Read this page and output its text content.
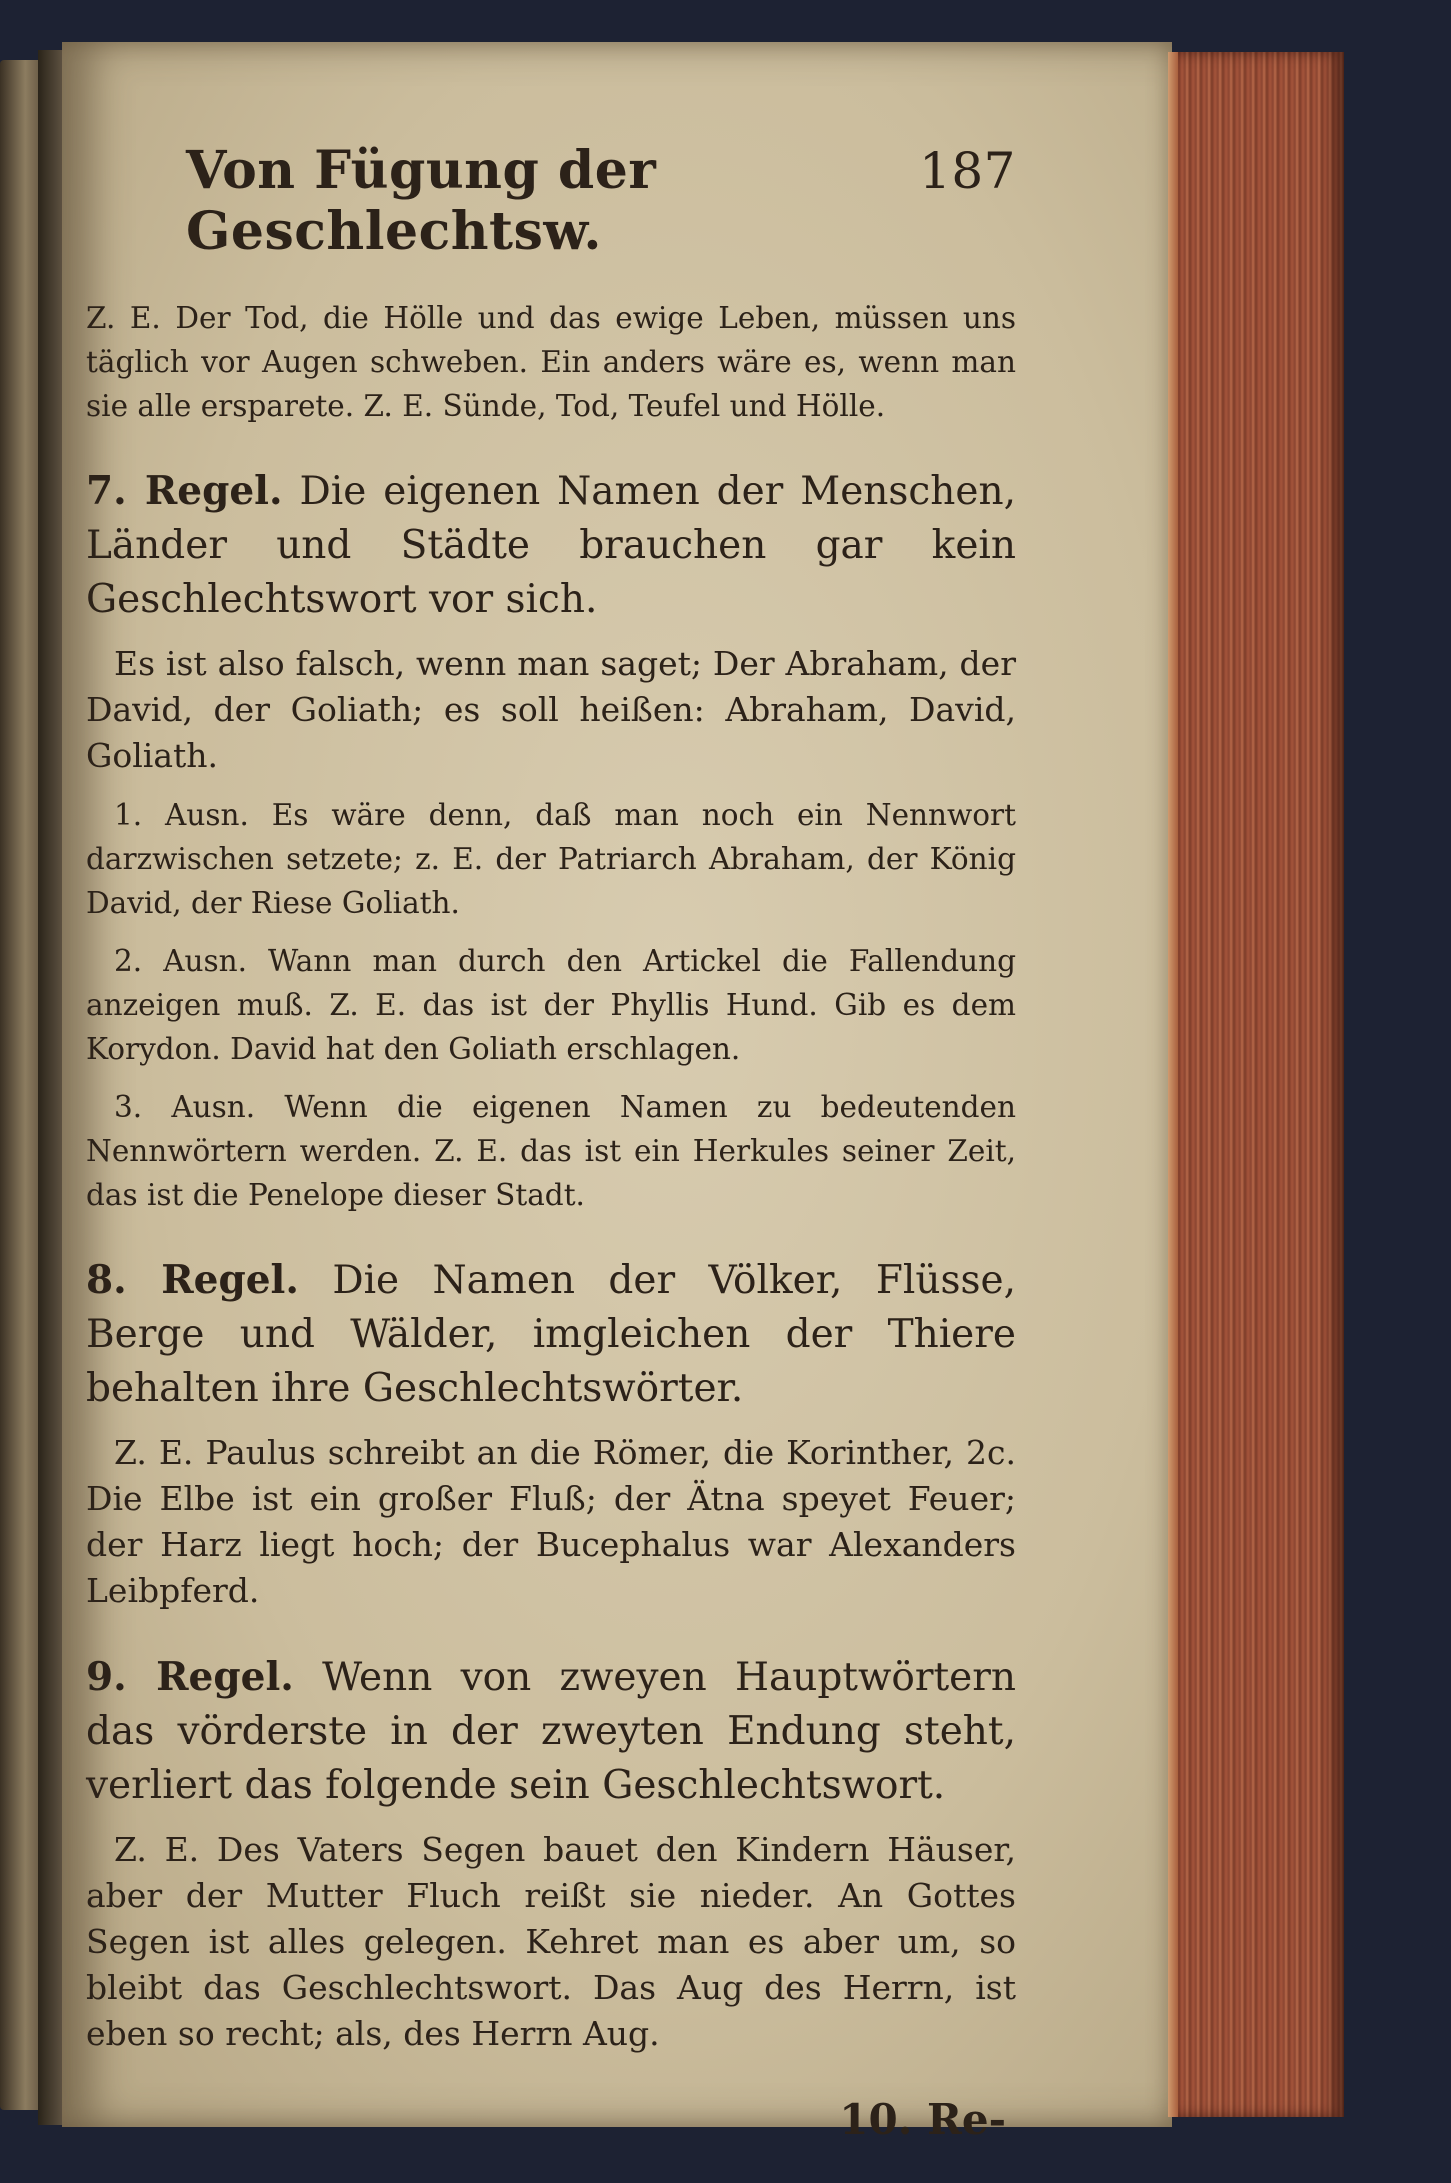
Von Fügung der Geschlechtsw.
187

Z. E. Der Tod, die Hölle und das ewige Leben, müssen uns täglich vor Augen schweben. Ein anders wäre es, wenn man sie alle ersparete. Z. E. Sünde, Tod, Teufel und Hölle.

7. Regel. Die eigenen Namen der Menschen, Länder und Städte brauchen gar kein Geschlechtswort vor sich.

Es ist also falsch, wenn man saget; Der Abraham, der David, der Goliath; es soll heißen: Abraham, David, Goliath.

1. Ausn. Es wäre denn, daß man noch ein Nennwort darzwischen setzete; z. E. der Patriarch Abraham, der König David, der Riese Goliath.

2. Ausn. Wann man durch den Artickel die Fallendung anzeigen muß. Z. E. das ist der Phyllis Hund. Gib es dem Korydon. David hat den Goliath erschlagen.

3. Ausn. Wenn die eigenen Namen zu bedeutenden Nennwörtern werden. Z. E. das ist ein Herkules seiner Zeit, das ist die Penelope dieser Stadt.

8. Regel. Die Namen der Völker, Flüsse, Berge und Wälder, imgleichen der Thiere behalten ihre Geschlechtswörter.

Z. E. Paulus schreibt an die Römer, die Korinther, 2c. Die Elbe ist ein großer Fluß; der Ätna speyet Feuer; der Harz liegt hoch; der Bucephalus war Alexanders Leibpferd.

9. Regel. Wenn von zweyen Hauptwörtern das vörderste in der zweyten Endung steht, verliert das folgende sein Geschlechtswort.

Z. E. Des Vaters Segen bauet den Kindern Häuser, aber der Mutter Fluch reißt sie nieder. An Gottes Segen ist alles gelegen. Kehret man es aber um, so bleibt das Geschlechtswort. Das Aug des Herrn, ist eben so recht; als, des Herrn Aug.

10. Re-
